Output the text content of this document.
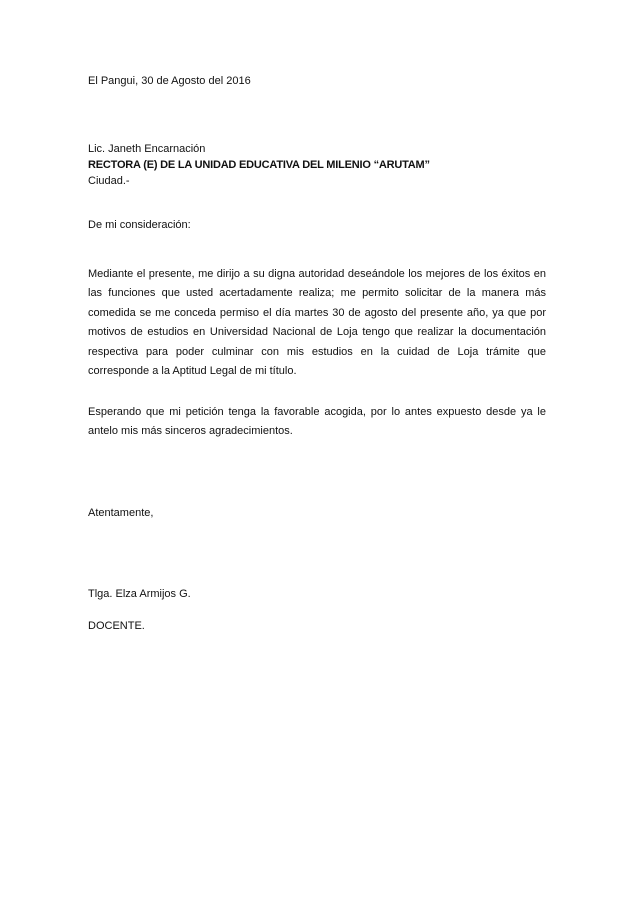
El Pangui, 30 de Agosto del 2016
Lic. Janeth Encarnación
RECTORA (E) DE LA UNIDAD EDUCATIVA DEL MILENIO “ARUTAM”
Ciudad.-
De mi consideración:
Mediante el presente, me dirijo a su digna autoridad deseándole los mejores de los éxitos en las funciones que usted acertadamente realiza; me permito solicitar de la manera más comedida se me conceda permiso el día martes 30 de agosto del presente año, ya que por motivos de estudios en Universidad Nacional de Loja tengo que realizar la documentación respectiva para poder culminar con mis estudios en la cuidad de Loja trámite que corresponde a la Aptitud Legal de mi título.
Esperando que mi petición tenga la favorable acogida, por lo antes expuesto desde ya le antelo mis más sinceros agradecimientos.
Atentamente,
Tlga. Elza Armijos G.
DOCENTE.
